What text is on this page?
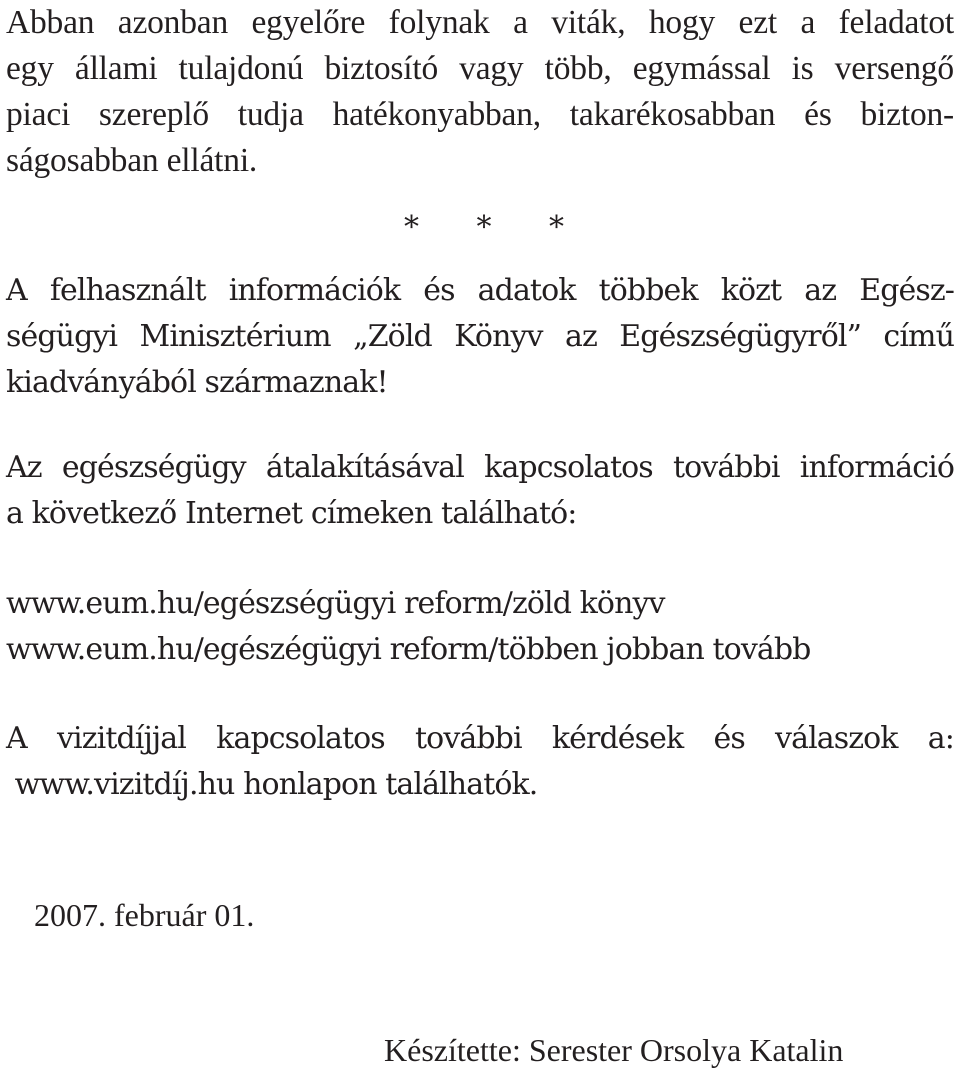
Abban azonban egyelőre folynak a viták, hogy ezt a feladatot
egy állami tulajdonú biztosító vagy több, egymással is versengő
piaci szereplő tudja hatékonyabban, takarékosabban és bizton-
ságosabban ellátni.

* * *

A felhasznált információk és adatok többek közt az Egész-
ségügyi Minisztérium „Zöld Könyv az Egészségügyről” című
kiadványából származnak!

Az egészségügy átalakításával kapcsolatos további információ
a következő Internet címeken található:

www.eum.hu/egészségügyi reform/zöld könyv
www.eum.hu/egészégügyi reform/többen jobban tovább

A vizitdíjjal kapcsolatos további kérdések és válaszok a:
www.vizitdíj.hu honlapon találhatók.

2007. február 01.

Készítette: Serester Orsolya Katalin
